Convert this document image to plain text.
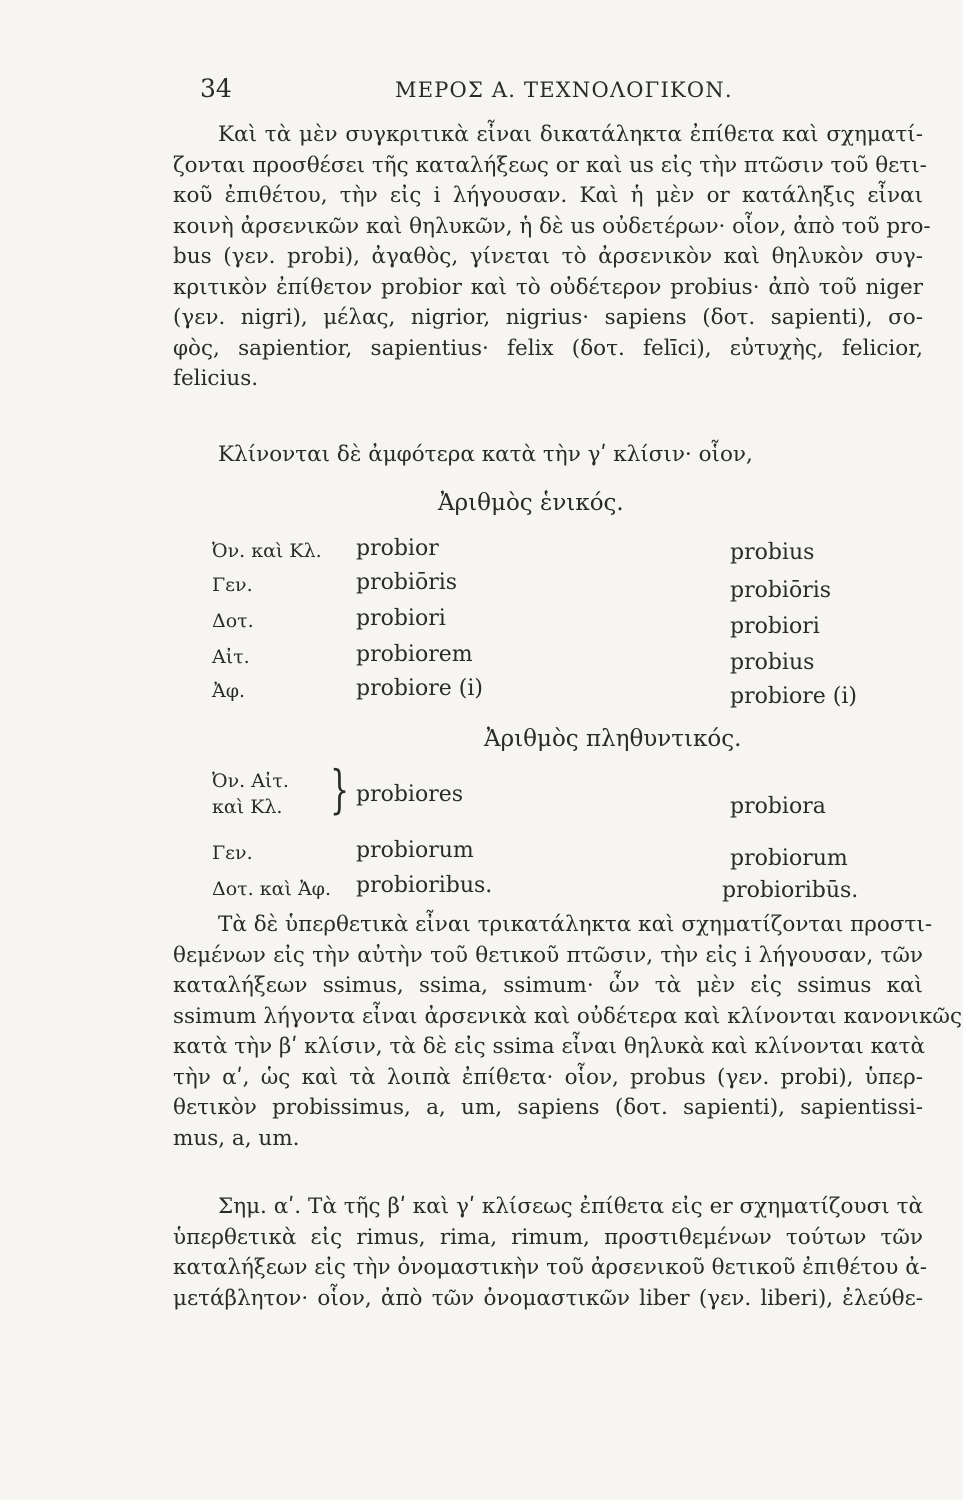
34	ΜΕΡΟΣ Α. ΤΕΧΝΟΛΟΓΙΚΟΝ.
Καὶ τὰ μὲν συγκριτικὰ εἶναι δικατάληκτα ἐπίθετα καὶ σχηματί-
ζονται προσθέσει τῆς καταλήξεως or καὶ us εἰς τὴν πτῶσιν τοῦ θετι-
κοῦ ἐπιθέτου, τὴν εἰς i λήγουσαν. Καὶ ἡ μὲν or κατάληξις εἶναι
κοινὴ ἀρσενικῶν καὶ θηλυκῶν, ἡ δὲ us οὐδετέρων· οἷον, ἀπὸ τοῦ pro-
bus (γεν. probi), ἀγαθὸς, γίνεται τὸ ἀρσενικὸν καὶ θηλυκὸν συγ-
κριτικὸν ἐπίθετον probior καὶ τὸ οὐδέτερον probius· ἀπὸ τοῦ niger
(γεν. nigri), μέλας, nigrior, nigrius· sapiens (δοτ. sapienti), σο-
φὸς, sapientior, sapientius· felix (δοτ. felīci), εὐτυχὴς, felicior,
felicius.
Κλίνονται δὲ ἀμφότερα κατὰ τὴν γʹ κλίσιν· οἷον,
Ἀριθμὸς ἑνικός.
Ὀν. καὶ Κλ. probior	probius
Γεν.	probiōris	probiōris
Δοτ.	probiori	probiori
Αἰτ.	probiorem	probius
Ἀφ.	probiore (i)	probiore (i)
Ἀριθμὸς πληθυντικός.
Ὀν. Αἰτ.
καὶ Κλ. } probiores	probiora
Γεν.	probiorum	probiorum
Δοτ. καὶ Ἀφ. probioribus.	probioribūs.
Τὰ δὲ ὑπερθετικὰ εἶναι τρικατάληκτα καὶ σχηματίζονται προστι-
θεμένων εἰς τὴν αὐτὴν τοῦ θετικοῦ πτῶσιν, τὴν εἰς i λήγουσαν, τῶν
καταλήξεων ssimus, ssima, ssimum· ὧν τὰ μὲν εἰς ssimus καὶ
ssimum λήγοντα εἶναι ἀρσενικὰ καὶ οὐδέτερα καὶ κλίνονται κανονικῶς
κατὰ τὴν βʹ κλίσιν, τὰ δὲ εἰς ssima εἶναι θηλυκὰ καὶ κλίνονται κατὰ
τὴν αʹ, ὡς καὶ τὰ λοιπὰ ἐπίθετα· οἷον, probus (γεν. probi), ὑπερ-
θετικὸν probissimus, a, um, sapiens (δοτ. sapienti), sapientissi-
mus, a, um.
Σημ. αʹ. Τὰ τῆς βʹ καὶ γʹ κλίσεως ἐπίθετα εἰς er σχηματίζουσι τὰ
ὑπερθετικὰ εἰς rimus, rima, rimum, προστιθεμένων τούτων τῶν
καταλήξεων εἰς τὴν ὀνομαστικὴν τοῦ ἀρσενικοῦ θετικοῦ ἐπιθέτου ἀ-
μετάβλητον· οἷον, ἀπὸ τῶν ὀνομαστικῶν liber (γεν. liberi), ἐλεύθε-
